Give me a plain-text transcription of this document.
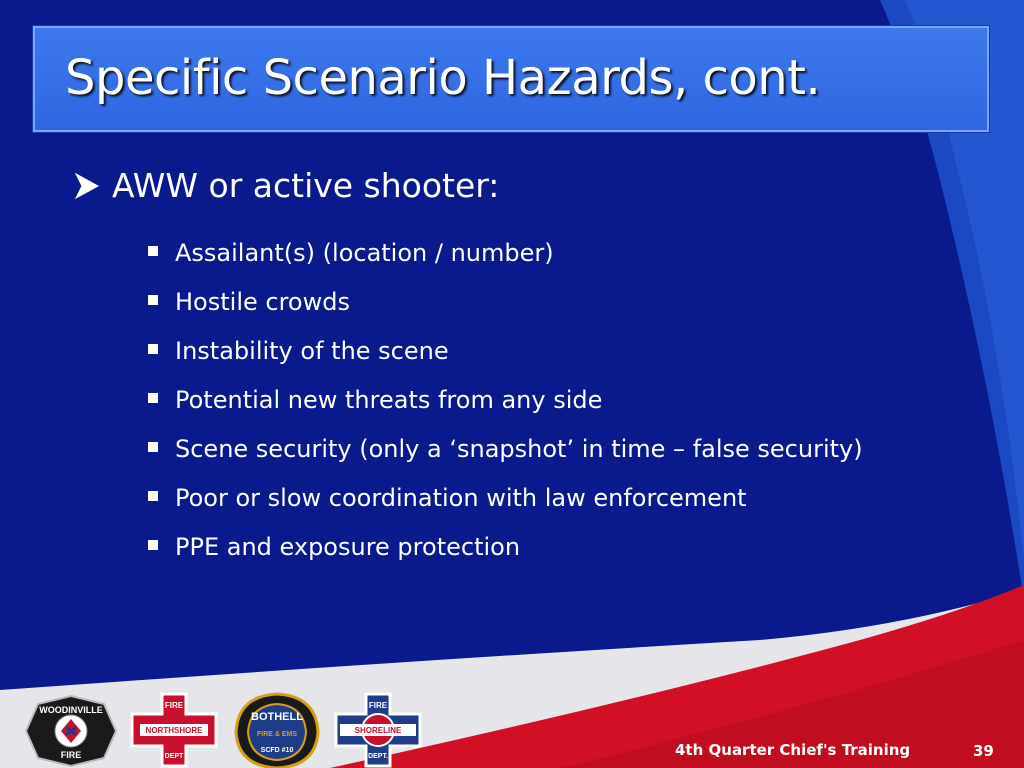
Specific Scenario Hazards, cont.
AWW or active shooter:
Assailant(s) (location / number)
Hostile crowds
Instability of the scene
Potential new threats from any side
Scene security (only a ‘snapshot’ in time – false security)
Poor or slow coordination with law enforcement
PPE and exposure protection
WOODINVILLE
FIRE
FIRE
NORTHSHORE
DEPT
BOTHELL
FIRE & EMS
SCFD #10
FIRE
SHORELINE
DEPT.	4th Quarter Chief's Training	39
